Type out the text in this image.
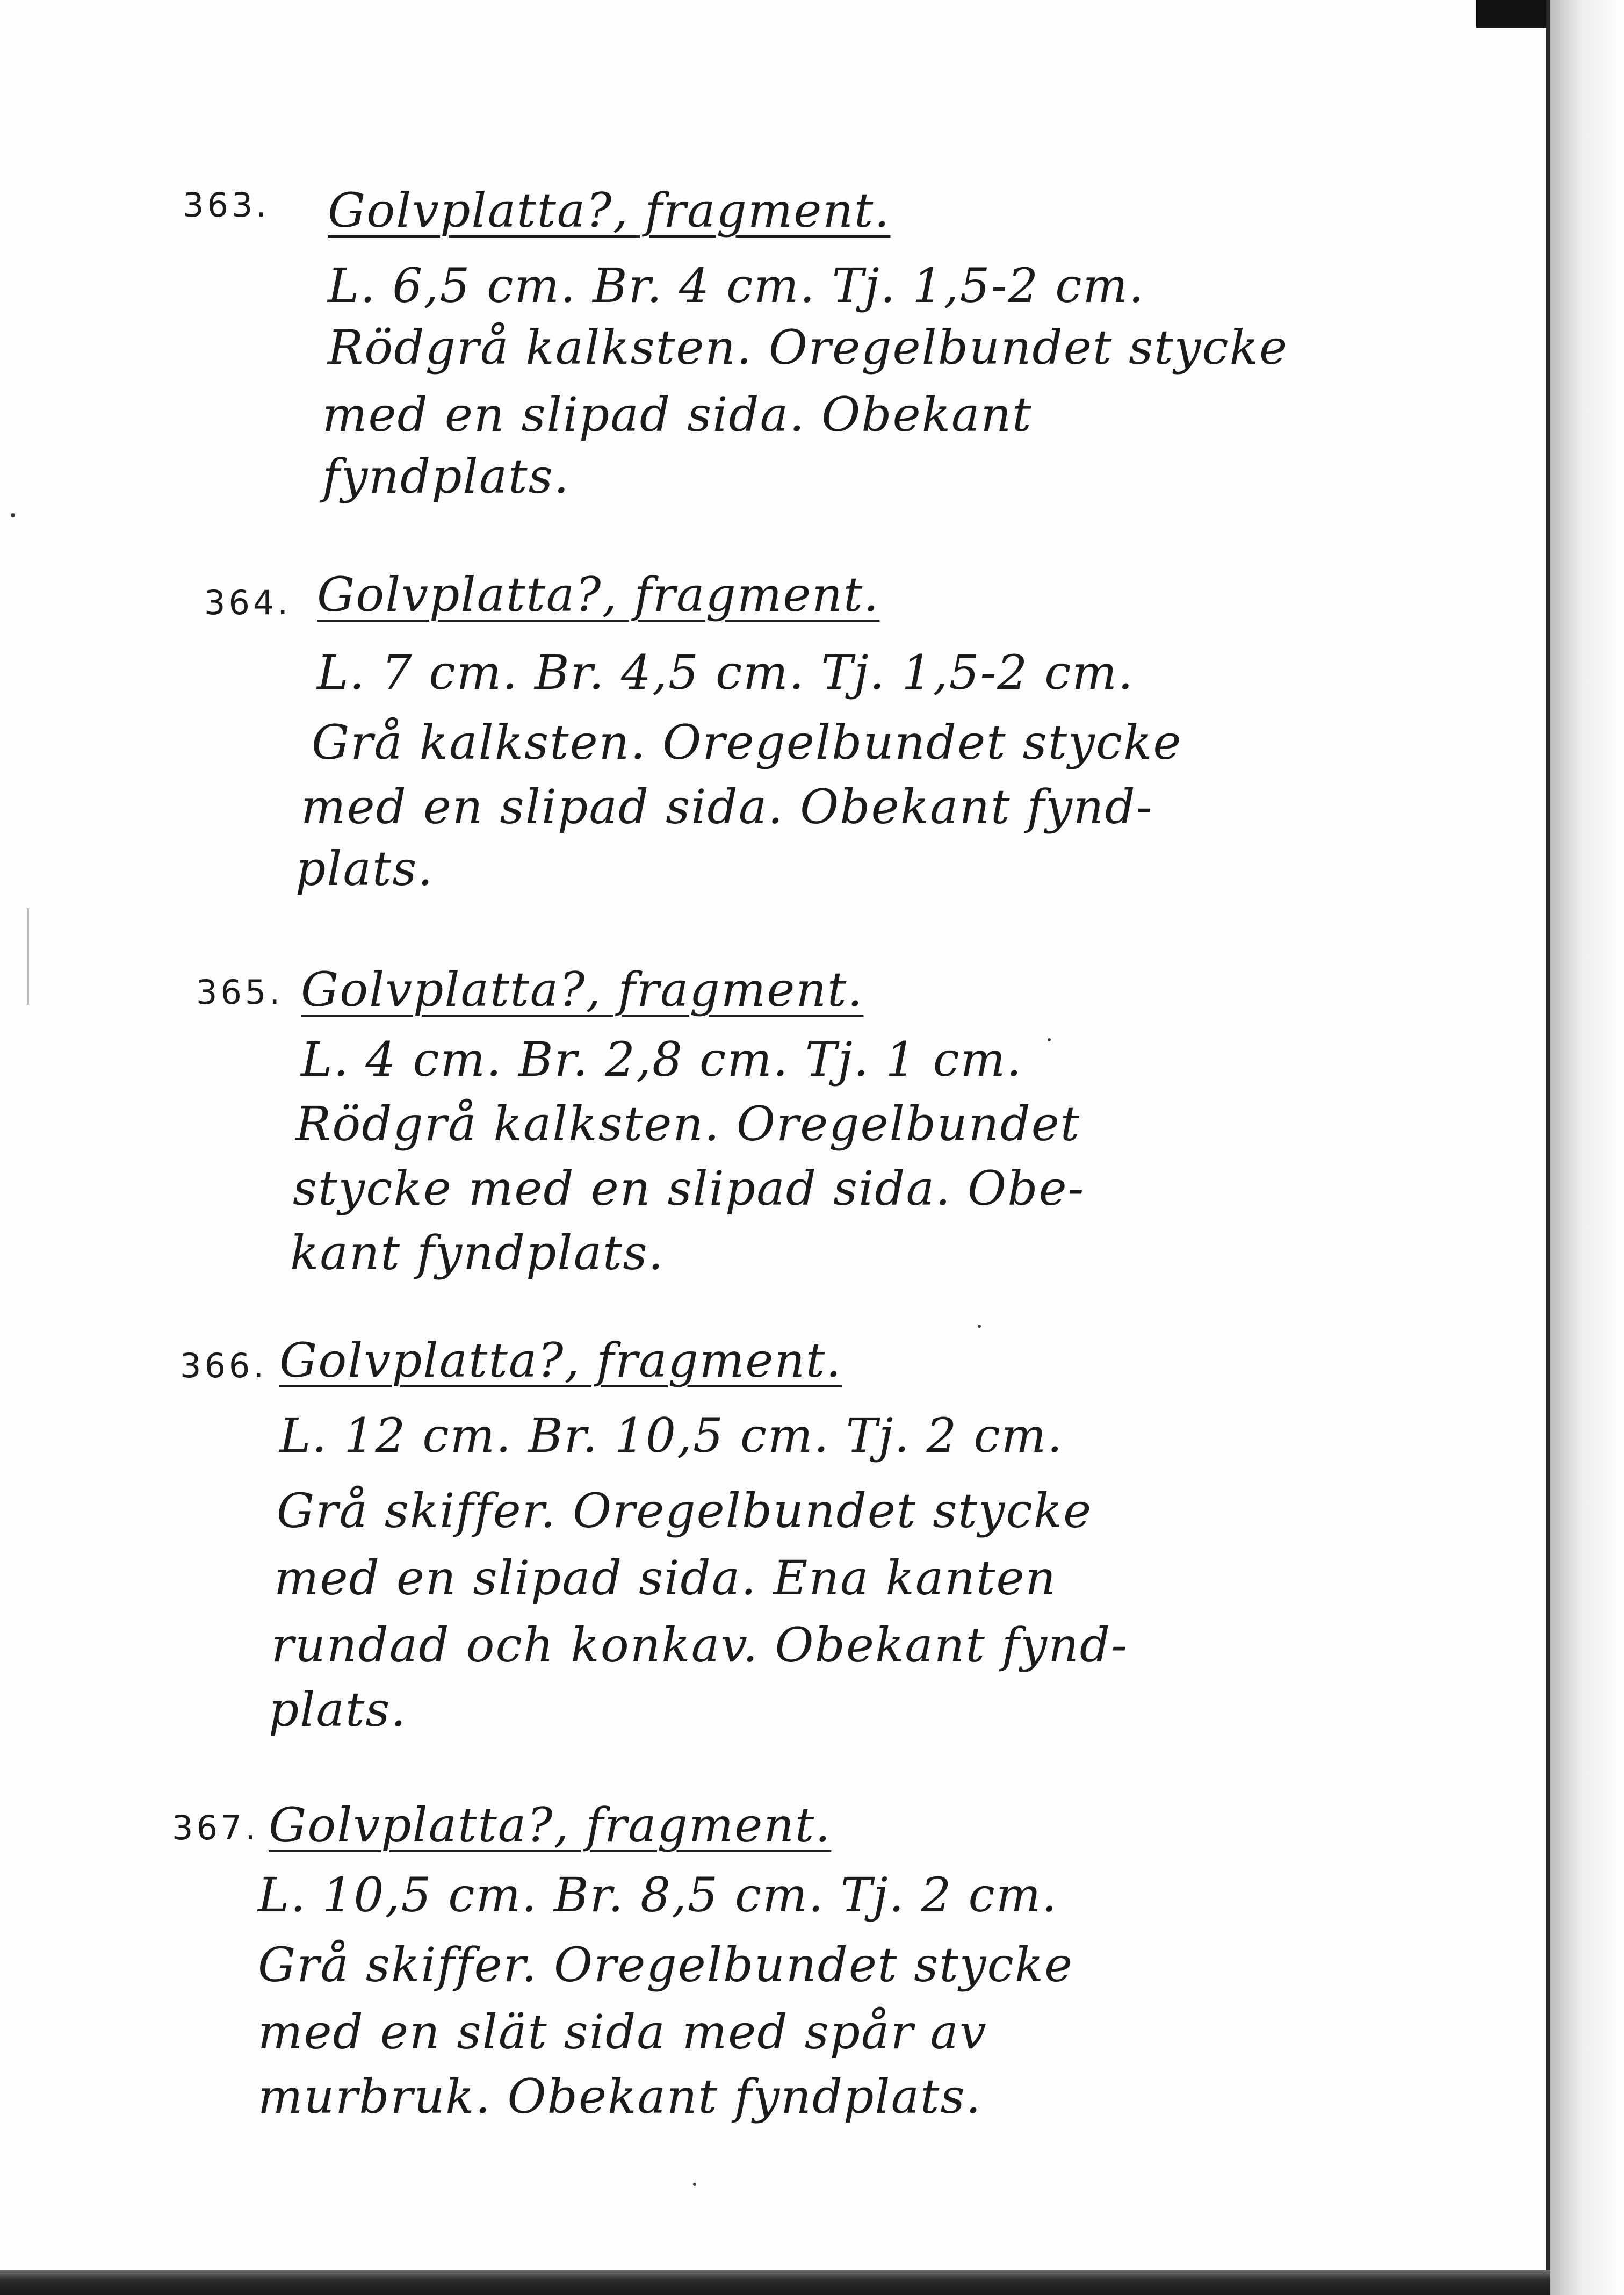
363. Golvplatta?, fragment.
L. 6,5 cm. Br. 4 cm. Tj. 1,5-2 cm.
Rödgrå kalksten. Oregelbundet stycke
med en slipad sida. Obekant
fyndplats.
364. Golvplatta?, fragment.
L. 7 cm. Br. 4,5 cm. Tj. 1,5-2 cm.
Grå kalksten. Oregelbundet stycke
med en slipad sida. Obekant fynd-
plats.
365. Golvplatta?, fragment.
L. 4 cm. Br. 2,8 cm. Tj. 1 cm.
Rödgrå kalksten. Oregelbundet
stycke med en slipad sida. Obe-
kant fyndplats.
366. Golvplatta?, fragment.
L. 12 cm. Br. 10,5 cm. Tj. 2 cm.
Grå skiffer. Oregelbundet stycke
med en slipad sida. Ena kanten
rundad och konkav. Obekant fynd-
plats.
367. Golvplatta?, fragment.
L. 10,5 cm. Br. 8,5 cm. Tj. 2 cm.
Grå skiffer. Oregelbundet stycke
med en slät sida med spår av
murbruk. Obekant fyndplats.
